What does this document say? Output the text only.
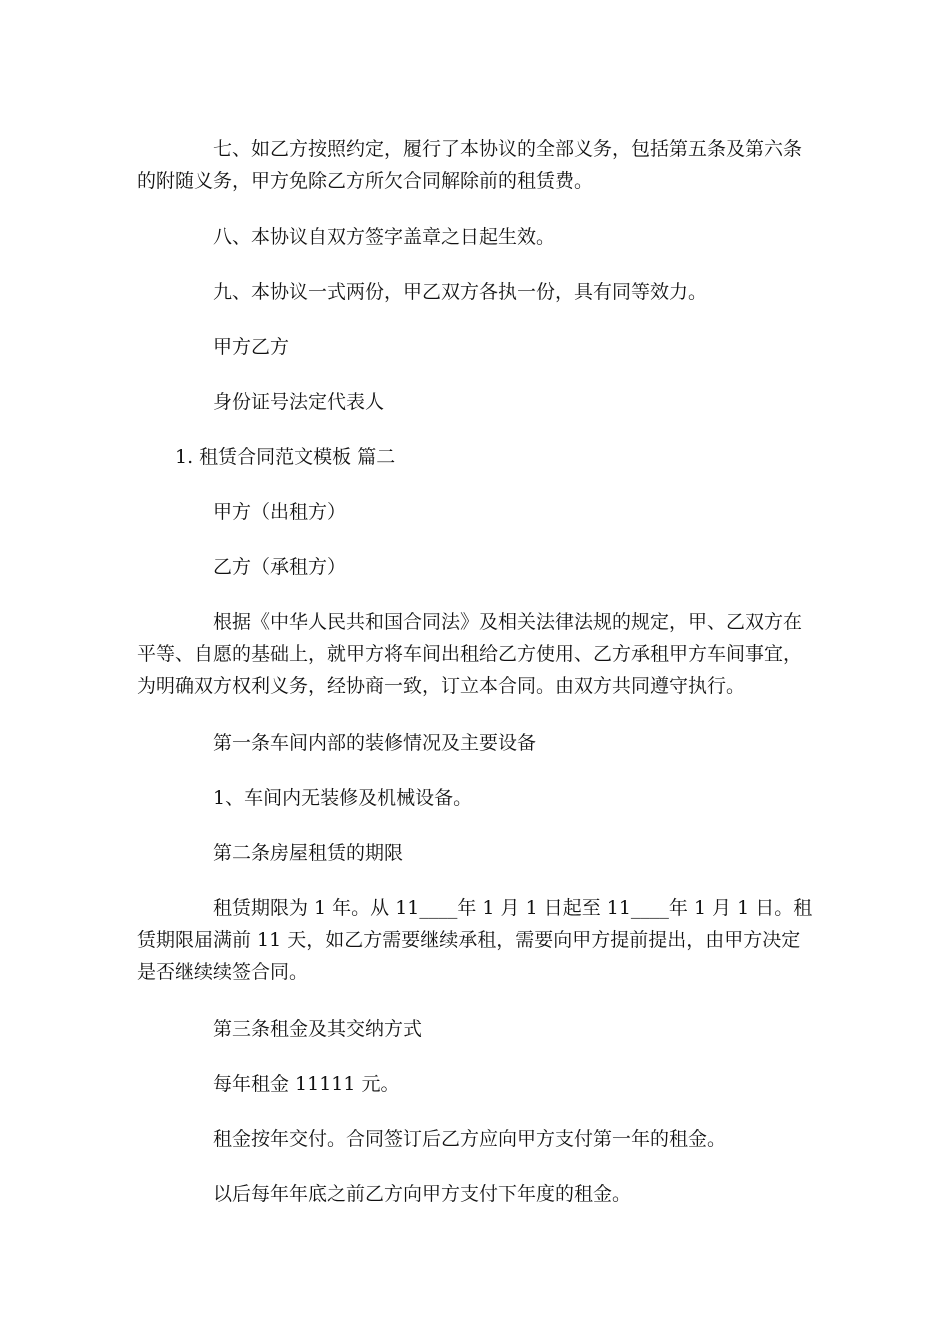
七、如乙方按照约定，履行了本协议的全部义务，包括第五条及第六条的附随义务，甲方免除乙方所欠合同解除前的租赁费。

八、本协议自双方签字盖章之日起生效。

九、本协议一式两份，甲乙双方各执一份，具有同等效力。

甲方乙方

身份证号法定代表人

1. 租赁合同范文模板 篇二

甲方（出租方）

乙方（承租方）

根据《中华人民共和国合同法》及相关法律法规的规定，甲、乙双方在平等、自愿的基础上，就甲方将车间出租给乙方使用、乙方承租甲方车间事宜，为明确双方权利义务，经协商一致，订立本合同。由双方共同遵守执行。

第一条车间内部的装修情况及主要设备

1、车间内无装修及机械设备。

第二条房屋租赁的期限

租赁期限为 1 年。从 11____年 1 月 1 日起至 11____年 1 月 1 日。租赁期限届满前 11 天，如乙方需要继续承租，需要向甲方提前提出，由甲方决定是否继续续签合同。

第三条租金及其交纳方式

每年租金 11111 元。

租金按年交付。合同签订后乙方应向甲方支付第一年的租金。

以后每年年底之前乙方向甲方支付下年度的租金。
